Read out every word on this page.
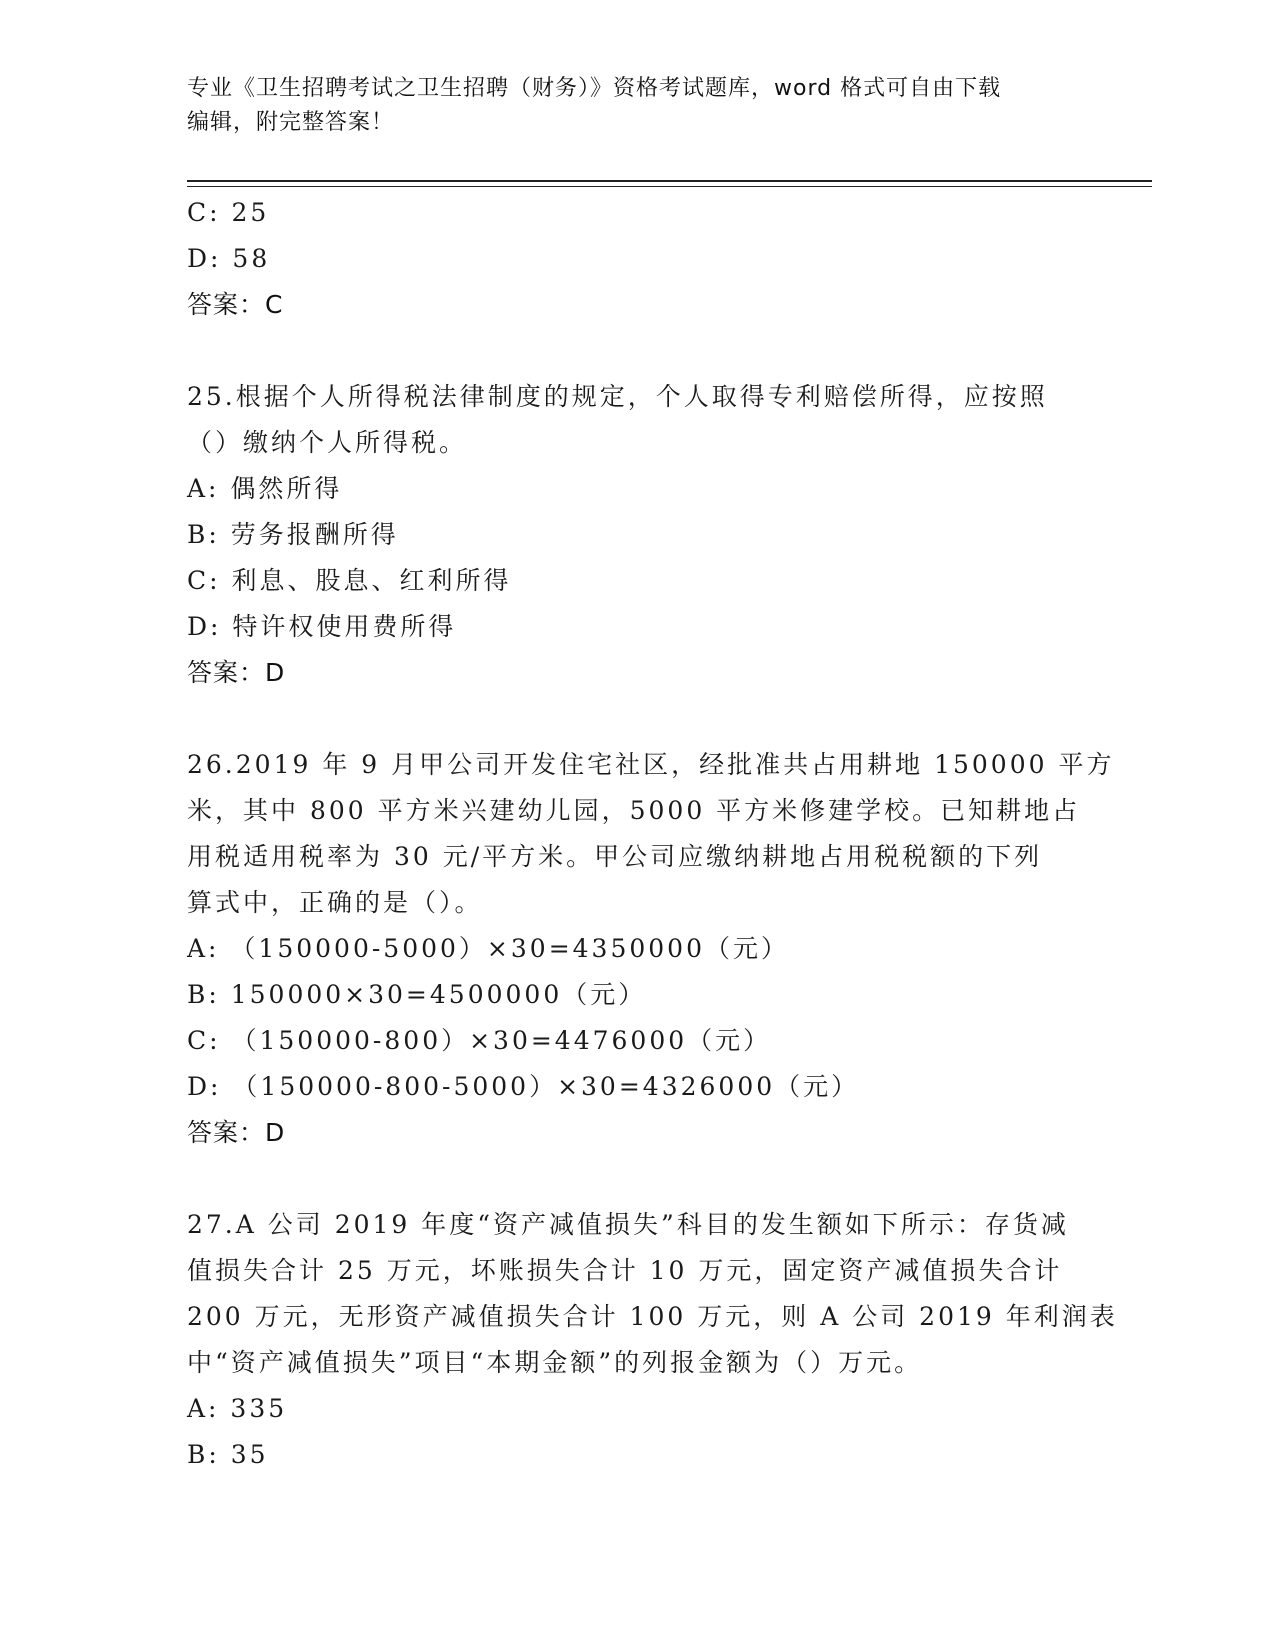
专业《卫生招聘考试之卫生招聘（财务）》资格考试题库，word 格式可自由下载
编辑，附完整答案！
C: 25
D: 58
答案：C
25.根据个人所得税法律制度的规定，个人取得专利赔偿所得，应按照
（）缴纳个人所得税。
A: 偶然所得
B: 劳务报酬所得
C: 利息、股息、红利所得
D: 特许权使用费所得
答案：D
26.2019 年 9 月甲公司开发住宅社区，经批准共占用耕地 150000 平方
米，其中 800 平方米兴建幼儿园，5000 平方米修建学校。已知耕地占
用税适用税率为 30 元/平方米。甲公司应缴纳耕地占用税税额的下列
算式中，正确的是（）。
A: （150000-5000）×30=4350000（元）
B: 150000×30=4500000（元）
C: （150000-800）×30=4476000（元）
D: （150000-800-5000）×30=4326000（元）
答案：D
27.A 公司 2019 年度“资产减值损失”科目的发生额如下所示：存货减
值损失合计 25 万元，坏账损失合计 10 万元，固定资产减值损失合计
200 万元，无形资产减值损失合计 100 万元，则 A 公司 2019 年利润表
中“资产减值损失”项目“本期金额”的列报金额为（）万元。
A: 335
B: 35
